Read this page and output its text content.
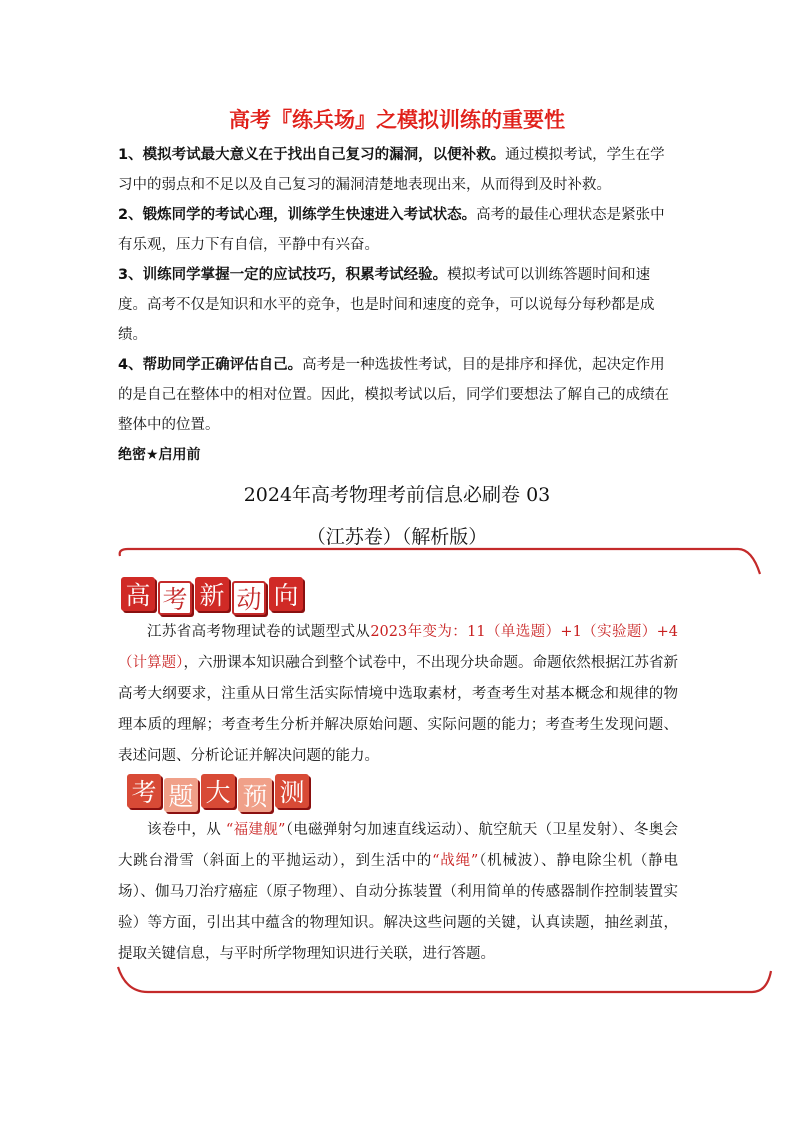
高考『练兵场』之模拟训练的重要性

1、模拟考试最大意义在于找出自己复习的漏洞，以便补救。通过模拟考试，学生在学习中的弱点和不足以及自己复习的漏洞清楚地表现出来，从而得到及时补救。

2、锻炼同学的考试心理，训练学生快速进入考试状态。高考的最佳心理状态是紧张中有乐观，压力下有自信，平静中有兴奋。

3、训练同学掌握一定的应试技巧，积累考试经验。模拟考试可以训练答题时间和速度。高考不仅是知识和水平的竞争，也是时间和速度的竞争，可以说每分每秒都是成绩。

4、帮助同学正确评估自己。高考是一种选拔性考试，目的是排序和择优，起决定作用的是自己在整体中的相对位置。因此，模拟考试以后，同学们要想法了解自己的成绩在整体中的位置。

绝密★启用前
2024年高考物理考前信息必刷卷 03
（江苏卷）（解析版）
高 考 新 动 向
江苏省高考物理试卷的试题型式从2023年变为：11（单选题）+1（实验题）+4（计算题），六册课本知识融合到整个试卷中，不出现分块命题。命题依然根据江苏省新高考大纲要求，注重从日常生活实际情境中选取素材，考查考生对基本概念和规律的物理本质的理解；考查考生分析并解决原始问题、实际问题的能力；考查考生发现问题、表述问题、分析论证并解决问题的能力。
考 题 大 预 测
该卷中，从 “福建舰”（电磁弹射匀加速直线运动）、航空航天（卫星发射）、冬奥会大跳台滑雪（斜面上的平抛运动），到生活中的“战绳”（机械波）、静电除尘机（静电场）、伽马刀治疗癌症（原子物理）、自动分拣装置（利用简单的传感器制作控制装置实验）等方面，引出其中蕴含的物理知识。解决这些问题的关键，认真读题，抽丝剥茧，提取关键信息，与平时所学物理知识进行关联，进行答题。
